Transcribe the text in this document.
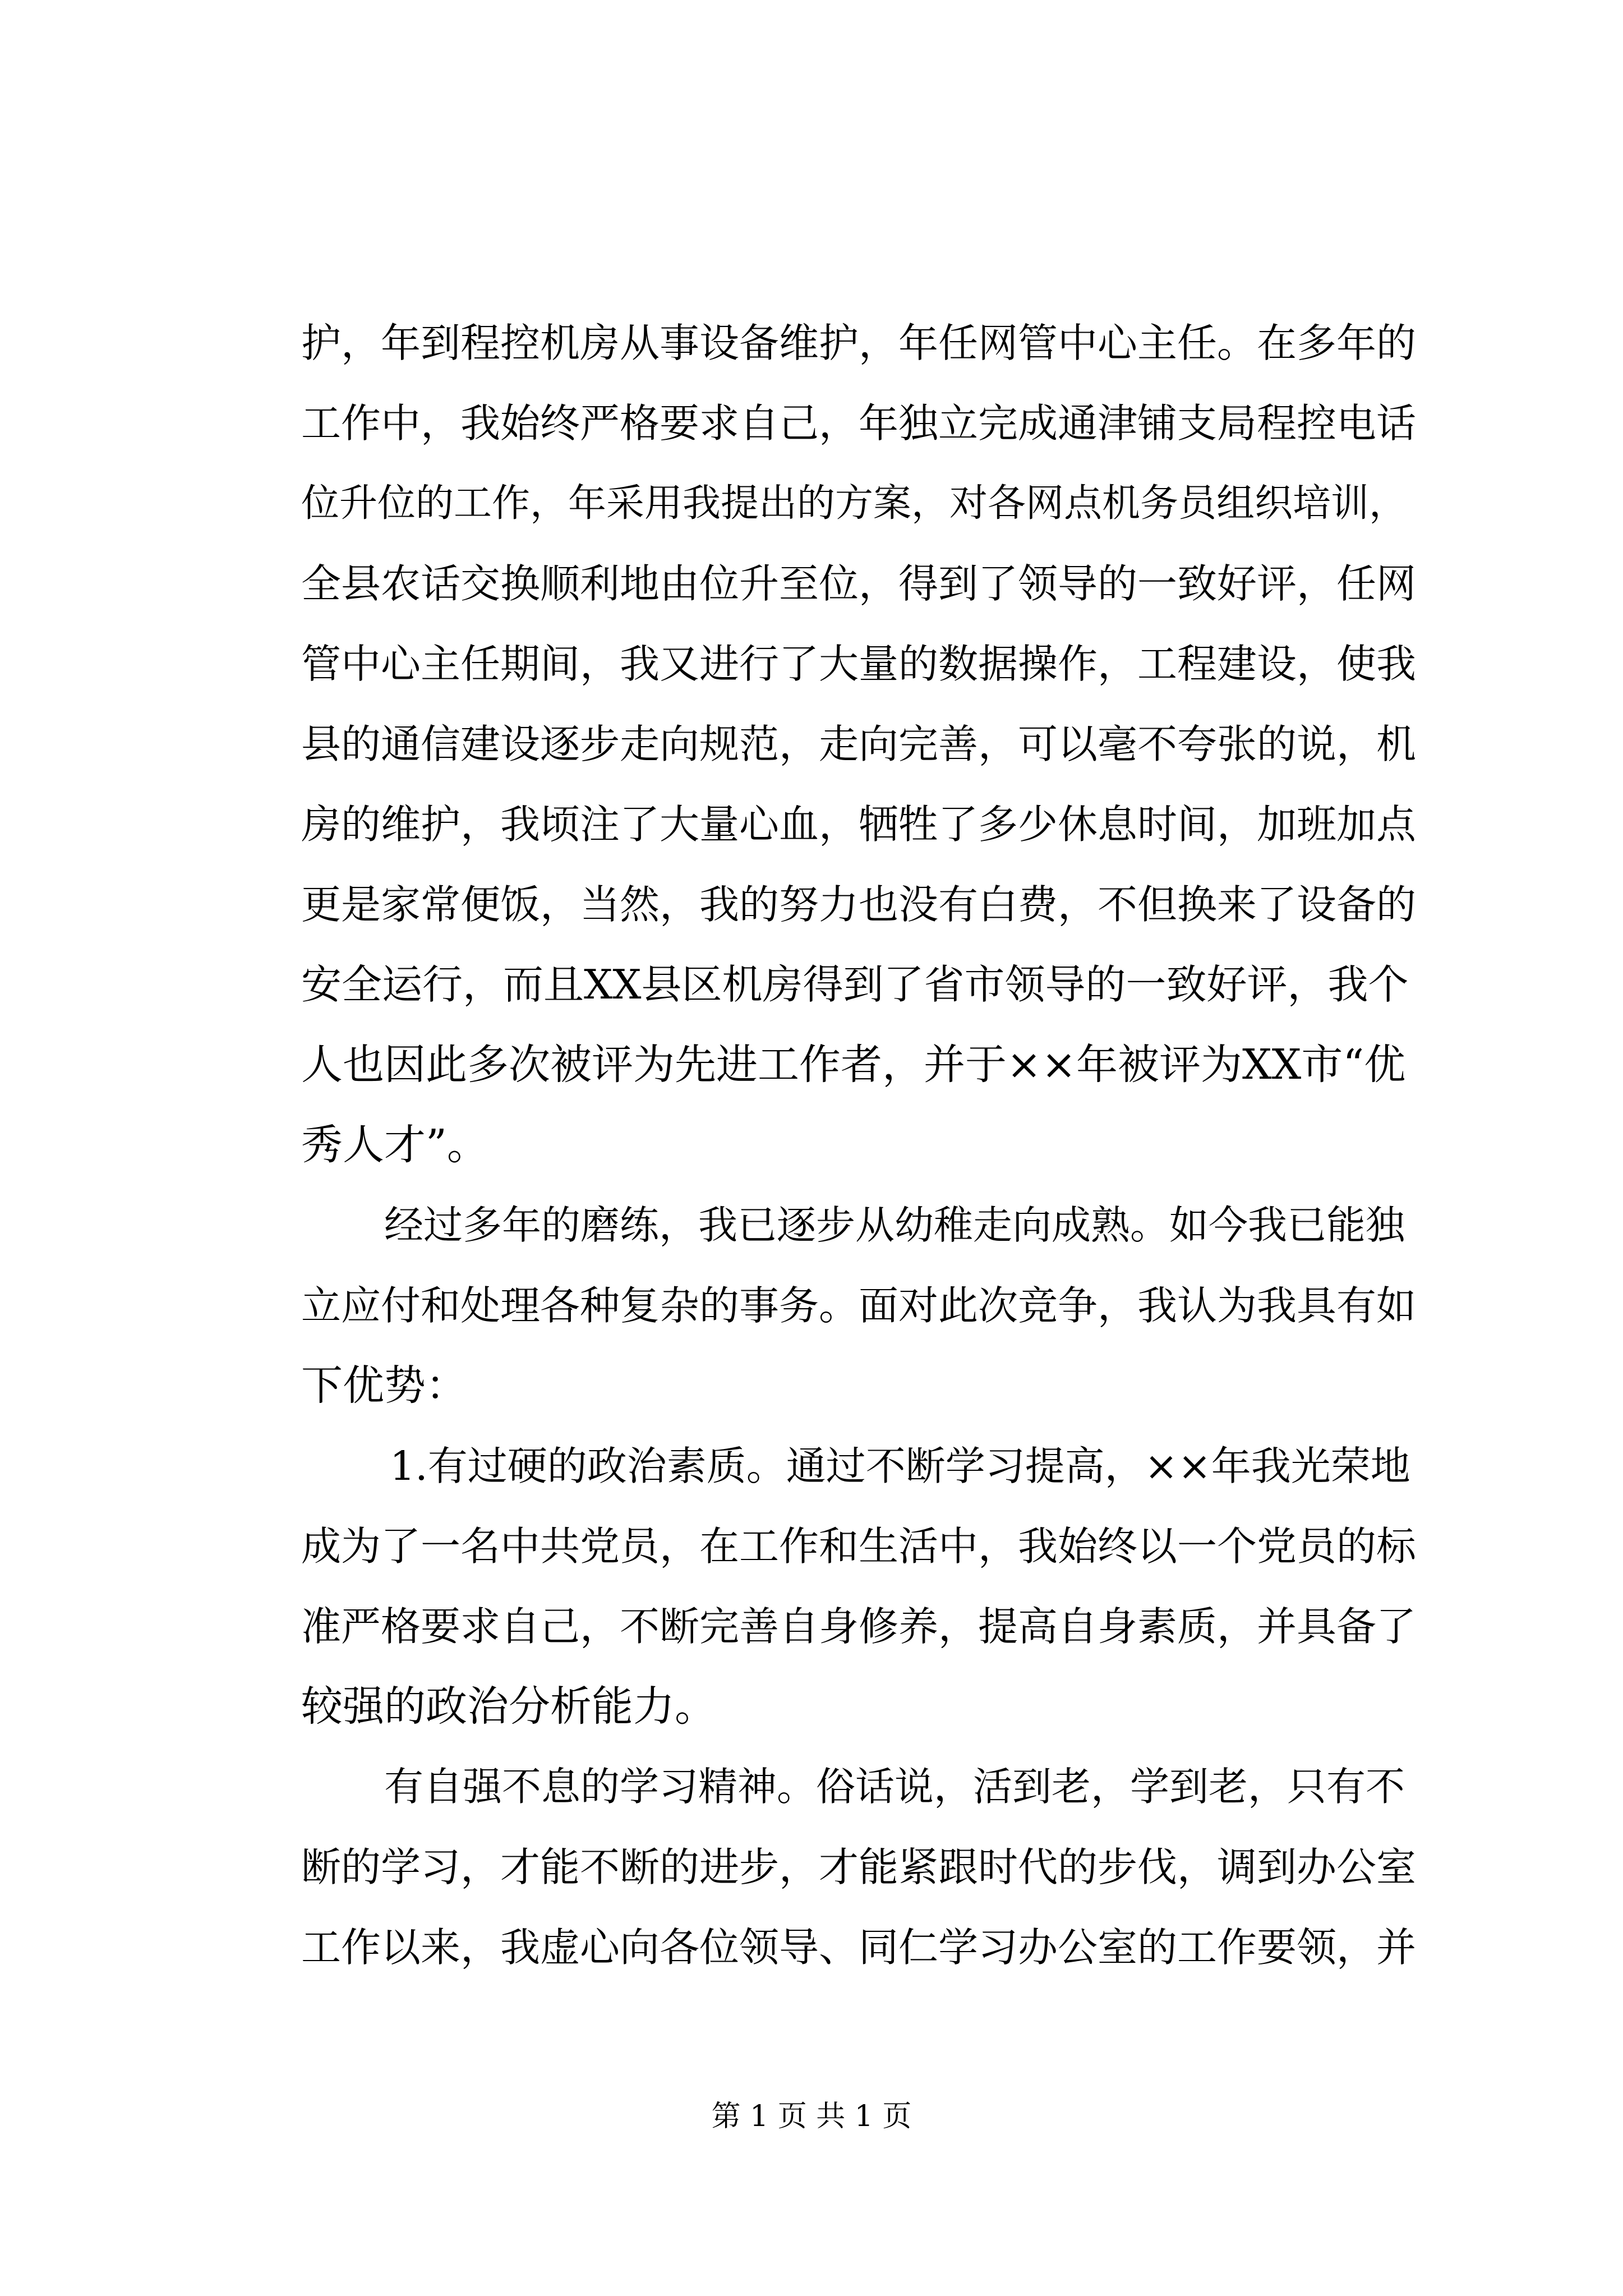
护，年到程控机房从事设备维护，年任网管中心主任。在多年的
工作中，我始终严格要求自己，年独立完成通津铺支局程控电话
位升位的工作，年采用我提出的方案，对各网点机务员组织培训，
全县农话交换顺利地由位升至位，得到了领导的一致好评，任网
管中心主任期间，我又进行了大量的数据操作，工程建设，使我
县的通信建设逐步走向规范，走向完善，可以毫不夸张的说，机
房的维护，我顷注了大量心血，牺牲了多少休息时间，加班加点
更是家常便饭，当然，我的努力也没有白费，不但换来了设备的
安全运行，而且XX县区机房得到了省市领导的一致好评，我个
人也因此多次被评为先进工作者，并于××年被评为XX市“优
秀人才”。
经过多年的磨练，我已逐步从幼稚走向成熟。如今我已能独
立应付和处理各种复杂的事务。面对此次竞争，我认为我具有如
下优势：
1.有过硬的政治素质。通过不断学习提高，××年我光荣地
成为了一名中共党员，在工作和生活中，我始终以一个党员的标
准严格要求自己，不断完善自身修养，提高自身素质，并具备了
较强的政治分析能力。
有自强不息的学习精神。俗话说，活到老，学到老，只有不
断的学习，才能不断的进步，才能紧跟时代的步伐，调到办公室
工作以来，我虚心向各位领导、同仁学习办公室的工作要领，并
第 1 页 共 1 页
